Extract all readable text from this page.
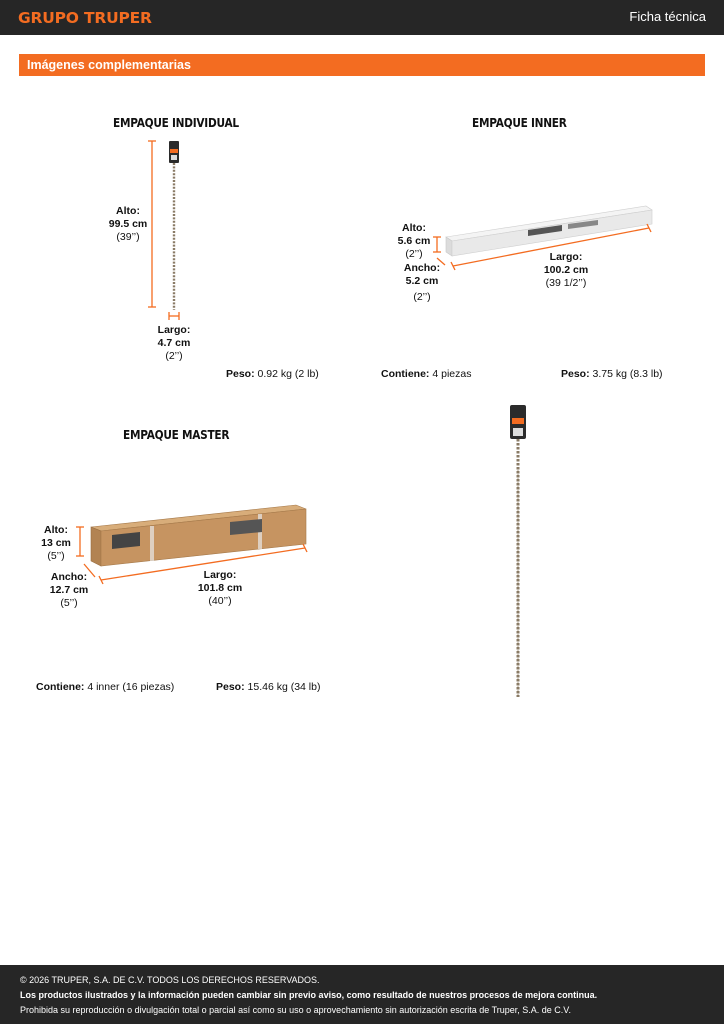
GRUPO TRUPER	Ficha técnica
Imágenes complementarias
EMPAQUE INDIVIDUAL
Alto:
99.5 cm
(39’’)
Largo:
4.7 cm
(2’’)
Peso: 0.92 kg (2 lb)
EMPAQUE INNER
Alto:
5.6 cm
(2’’)
Ancho:
5.2 cm
(2’’)
Largo:
100.2 cm
(39 1/2’’)
Contiene: 4 piezas	Peso: 3.75 kg (8.3 lb)
EMPAQUE MASTER
Alto:
13 cm
(5’’)
Ancho:
12.7 cm
(5’’)
Largo:
101.8 cm
(40’’)
Contiene: 4 inner (16 piezas)	Peso: 15.46 kg (34 lb)

© 2026 TRUPER, S.A. DE C.V. TODOS LOS DERECHOS RESERVADOS.

Los productos ilustrados y la información pueden cambiar sin previo aviso, como resultado de nuestros procesos de mejora continua.

Prohibida su reproducción o divulgación total o parcial así como su uso o aprovechamiento sin autorización escrita de Truper, S.A. de C.V.
